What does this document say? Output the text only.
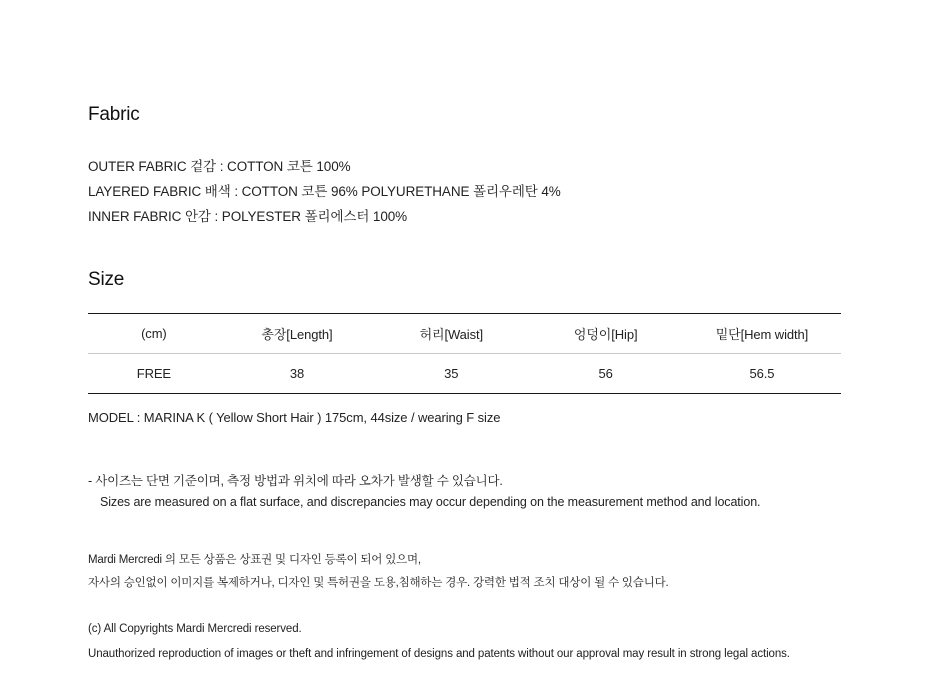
Fabric
OUTER FABRIC 겉감 : COTTON 코튼 100%
LAYERED FABRIC 배색 : COTTON 코튼 96% POLYURETHANE 폴리우레탄 4%
INNER FABRIC 안감 : POLYESTER 폴리에스터 100%
Size
(cm)	총장[Length]	허리[Waist]	엉덩이[Hip]	밑단[Hem width]
FREE	38	35	56	56.5
MODEL : MARINA K ( Yellow Short Hair ) 175cm, 44size / wearing F size
- 사이즈는 단면 기준이며, 측정 방법과 위치에 따라 오차가 발생할 수 있습니다.
Sizes are measured on a flat surface, and discrepancies may occur depending on the measurement method and location.
Mardi Mercredi 의 모든 상품은 상표권 및 디자인 등록이 되어 있으며,
자사의 승인없이 이미지를 복제하거나, 디자인 및 특허권을 도용,침해하는 경우. 강력한 법적 조치 대상이 될 수 있습니다.
(c) All Copyrights Mardi Mercredi reserved.
Unauthorized reproduction of images or theft and infringement of designs and patents without our approval may result in strong legal actions.
